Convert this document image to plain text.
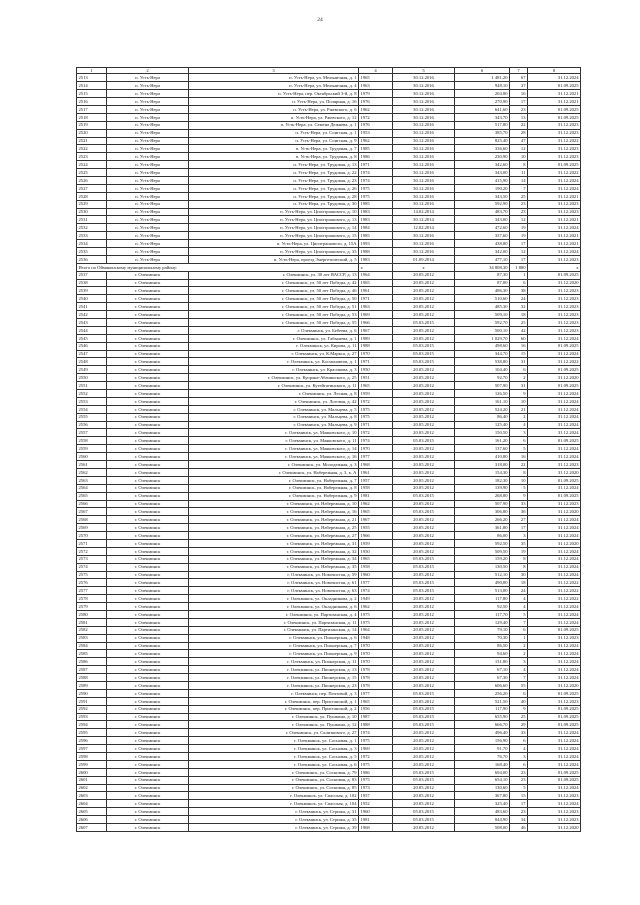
24
1	2	3	4	5	6	7	8
2513	п. Усть-Нера	п. Усть-Нера, ул. Мельничная, д. 1	1965	30.12.2016	1 481,20	67	31.12.2024
2514	п. Усть-Нера	п. Усть-Нера, ул. Мельничная, д. 4	1963	30.12.2016	948,10	37	01.09.2025
2515	п. Усть-Нера	п. Усть-Нера, пер. Октябрьский 3-й, д. 8	1979	30.12.2016	204,80	16	31.12.2021
2516	п. Усть-Нера	п. Усть-Нера, ул. Полярная, д. 16	1976	30.12.2016	270,90	17	31.12.2021
2517	п. Усть-Нера	п. Усть-Нера, ул. Ржевского, д. 6	1962	30.12.2016	641,60	23	01.09.2025
2518	п. Усть-Нера	п. Усть-Нера, ул. Ржевского, д. 12	1972	30.12.2016	343,70	13	01.09.2025
2519	п. Усть-Нера	п. Усть-Нера, ул. Семена Дежнева, д. 1	1976	30.12.2016	517,80	22	31.12.2023
2520	п. Усть-Нера	п. Усть-Нера, ул. Сонгская, д. 1	1953	30.12.2016	385,70	28	31.12.2023
2521	п. Усть-Нера	п. Усть-Нера, ул. Сонгская, д. 9	1962	30.12.2016	825,40	47	31.12.2022
2522	п. Усть-Нера	п. Усть-Нера, ул. Трудовая, д. 7	1985	30.12.2016	336,60	12	31.12.2023
2523	п. Усть-Нера	п. Усть-Нера, ул. Трудовая, д. 8	1986	30.12.2016	230,90	10	31.12.2023
2524	п. Усть-Нера	п. Усть-Нера, ул. Трудовая, д. 13	1971	30.12.2016	342,60	8	01.09.2025
2525	п. Усть-Нера	п. Усть-Нера, ул. Трудовая, д. 22	1974	30.12.2016	343,00	11	31.12.2022
2526	п. Усть-Нера	п. Усть-Нера, ул. Трудовая, д. 23	1974	30.12.2016	415,90	14	31.12.2024
2527	п. Усть-Нера	п. Усть-Нера, ул. Трудовая, д. 26	1975	30.12.2016	190,20	7	31.12.2024
2528	п. Усть-Нера	п. Усть-Нера, ул. Трудовая, д. 28	1975	30.12.2016	343,50	25	31.12.2021
2529	п. Усть-Нера	п. Усть-Нера, ул. Трудовая, д. 30	1985	30.12.2016	592,90	23	31.12.2023
2530	п. Усть-Нера	п. Усть-Нера, ул. Циолтрашового, д. 10	1983	14.02.2014	483,70	23	31.12.2023
2531	п. Усть-Нера	п. Усть-Нера, ул. Циолтрашового, д. 13	1983	30.12.2014	343,00	12	31.12.2021
2532	п. Усть-Нера	п. Усть-Нера, ул. Циолтрашового, д. 14	1984	12.02.2014	472,60	19	31.12.2024
2533	п. Усть-Нера	п. Усть-Нера, ул. Циолтрашового, д. 15	1985	30.12.2016	337,60	19	31.12.2021
2534	п. Усть-Нера	п. Усть-Нера, ул. Циолтрашового, д. 15А	1993	30.12.2016	438,80	17	31.12.2021
2535	п. Усть-Нера	п. Усть-Нера, ул. Циолтрашового, д. 35	1988	30.12.2016	342,00	12	31.12.2024
2536	п. Усть-Нера	п. Усть-Нера, проезд Энергетический, д. 5	1983	01.09.2014	477,10	17	31.12.2023
Итого по Оймяконскому муниципальному району:			х	х	34 808,30	1 880	х
2537	г. Олекминск	г. Олекминск, ул. 30 лет ЯАССР, д. 13	1964	20.05.2012	87,30	1	01.09.2025
2538	г. Олекминск	г. Олекминск, ул. 50 лет Победы, д. 42	1965	20.05.2012	87,00	6	31.12.2020
2539	г. Олекминск	г. Олекминск, ул. 50 лет Победы, д. 46	1961	20.05.2012	486,30	38	31.12.2023
2540	г. Олекминск	г. Олекминск, ул. 50 лет Победы, д. 50	1971	20.05.2012	510,60	24	31.12.2023
2541	г. Олекминск	г. Олекминск, ул. 50 лет Победы, д. 51	1963	20.05.2012	485,30	32	31.12.2023
2542	г. Олекминск	г. Олекминск, ул. 50 лет Победы, д. 53	1969	20.05.2012	509,10	18	31.12.2023
2543	г. Олекминск	г. Олекминск, ул. 50 лет Победы, д. 55	1966	05.03.2015	592,70	25	31.12.2023
2544	г. Олекминск	г. Олекминск, ул. Бебеева, д. 6	1967	20.05.2012	500,10	42	31.12.2023
2545	г. Олекминск	г. Олекминск, ул. Габышева, д. 1	1989	20.05.2012	1 029,70	60	31.12.2024
2546	г. Олекминск	г. Олекминск, ул. Кирова, д. 11	1988	05.03.2015	498,60	16	01.09.2025
2547	г. Олекминск	г. Олекминск, ул. К.Маркса, д. 27	1970	05.03.2015	344,70	15	31.12.2024
2548	г. Олекминск	г. Олекминск, ул. Космонавтов, д. 1	1971	05.03.2015	538,80	31	31.12.2022
2549	г. Олекминск	г. Олекминск, ул. Красикова, д. 3	1950	20.05.2012	104,40	6	01.09.2025
2550	г. Олекминск	г. Олекминск, ул. Куорана-Абачинского, д. 25	1951	20.05.2012	92,70	2	31.12.2020
2551	г. Олекминск	г. Олекминск, ул. Кутейгатинского, д. 11	1965	20.05.2012	507,90	31	01.09.2025
2552	г. Олекминск	г. Олекминск, ул. Лесная, д. 8	1959	20.05.2012	126,50	9	31.12.2024
2553	г. Олекминск	г. Олекминск, ул. Логовая, д. 42	1972	20.05.2012	161,10	10	31.12.2024
2554	г. Олекминск	г. Олекминск, ул. Мальцева, д. 5	1975	20.05.2012	524,20	21	31.12.2024
2555	г. Олекминск	г. Олекминск, ул. Мальцева, д. 8	1975	20.05.2012	86,40	2	31.12.2024
2556	г. Олекминск	г. Олекминск, ул. Мальцева, д. 9	1971	20.05.2012	125,40	4	31.12.2024
2557	г. Олекминск	г. Олекминск, ул. Маяковского, д. 10	1972	20.05.2012	150,50	3	31.12.2024
2558	г. Олекминск	г. Олекминск, ул. Маяковского, д. 11	1974	05.03.2015	161,20	6	01.09.2025
2559	г. Олекминск	г. Олекминск, ул. Маяковского, д. 14	1970	20.05.2012	137,60	5	31.12.2024
2560	г. Олекминск	г. Олекминск, ул. Маяковского, д. 16	1977	20.05.2012	410,80	16	31.12.2024
2561	г. Олекминск	г. Олекминск, ул. Молодежная, д. 3	1968	20.05.2012	318,00	22	31.12.2023
2562	г. Олекминск	г. Олекминск, ул. Набережная, д. 3, к. А	1961	20.05.2012	154,30	8	31.12.2020
2563	г. Олекминск	г. Олекминск, ул. Набережная, д. 7	1957	20.05.2012	182,30	10	01.09.2025
2564	г. Олекминск	г. Олекминск, ул. Набережная, д. 8	1958	20.05.2012	139,90	5	31.12.2024
2565	г. Олекминск	г. Олекминск, ул. Набережная, д. 9	1981	05.03.2015	268,80	9	01.09.2025
2566	г. Олекминск	г. Олекминск, ул. Набережная, д. 10	1962	20.05.2012	507,90	33	31.12.2023
2567	г. Олекминск	г. Олекминск, ул. Набережная, д. 16	1965	05.03.2015	306,80	36	31.12.2020
2568	г. Олекминск	г. Олекминск, ул. Набережная, д. 21	1967	20.05.2012	266,20	27	31.12.2024
2569	г. Олекминск	г. Олекминск, ул. Набережная, д. 25	1955	20.05.2012	361,80	17	31.12.2024
2570	г. Олекминск	г. Олекминск, ул. Набережная, д. 27	1966	20.05.2012	86,00	3	31.12.2024
2571	г. Олекминск	г. Олекминск, ул. Набережная, д. 31	1959	20.05.2012	592,50	35	31.12.2020
2572	г. Олекминск	г. Олекминск, ул. Набережная, д. 32	1950	20.05.2012	509,50	19	31.12.2024
2573	г. Олекминск	г. Олекминск, ул. Набережная, д. 34	1965	05.03.2015	159,20	8	31.12.2024
2574	г. Олекминск	г. Олекминск, ул. Набережная, д. 35	1958	05.03.2015	130,50	8	31.12.2024
2575	г. Олекминск	г. Олекминск, ул. Новочистая, д. 59	1960	20.05.2012	512,10	30	31.12.2024
2576	г. Олекминск	г. Олекминск, ул. Новочистая, д. 61	1977	05.03.2015	490,00	18	31.12.2022
2577	г. Олекминск	г. Олекминск, ул. Новочистая, д. 63	1974	05.03.2015	513,00	24	31.12.2022
2578	г. Олекминск	г. Олекминск, ул. Окладникова, д. 2	1949	20.05.2012	117,80	4	31.12.2022
2579	г. Олекминск	г. Олекминск, ул. Окладникова, д. 6	1962	20.05.2012	92,50	4	31.12.2024
2580	г. Олекминск	г. Олекминск, ул. Партизанская, д. 4	1975	20.05.2012	117,70	5	31.12.2024
2581	г. Олекминск	г. Олекминск, ул. Партизанская, д. 11	1975	20.05.2012	129,40	7	31.12.2024
2582	г. Олекминск	г. Олекминск, ул. Партизанская, д. 14	1964	20.05.2012	79,10	6	01.09.2025
2583	г. Олекминск	г. Олекминск, ул. Пионерская, д. 6	1948	20.05.2012	70,30	1	31.12.2023
2584	г. Олекминск	г. Олекминск, ул. Пионерская, д. 7	1970	20.05.2012	86,50	2	31.12.2024
2585	г. Олекминск	г. Олекминск, ул. Пионерская, д. 9	1970	20.05.2012	94,60	2	31.12.2024
2586	г. Олекминск	г. Олекминск, ул. Пионерская, д. 11	1970	20.05.2012	131,80	3	31.12.2024
2587	г. Олекминск	г. Олекминск, ул. Пионерская, д. 13	1978	20.05.2012	67,10	4	31.12.2024
2588	г. Олекминск	г. Олекминск, ул. Пионерская, д. 15	1978	20.05.2012	67,30	7	31.12.2024
2589	г. Олекминск	г. Олекминск, ул. Пионерская, д. 23	1978	20.05.2012	606,60	55	31.12.2020
2590	г. Олекминск	г. Олекминск, пер. Почтовой, д. 3	1977	05.03.2015	256,20	6	01.09.2025
2591	г. Олекминск	г. Олекминск, пер. Пристанской, д. 1	1965	20.05.2012	521,50	40	31.12.2023
2592	г. Олекминск	г. Олекминск, пер. Пристанской, д. 2	1956	05.03.2015	117,90	9	01.09.2025
2593	г. Олекминск	г. Олекминск, ул. Пушкина, д. 10	1987	05.03.2015	655,90	25	01.09.2025
2594	г. Олекминск	г. Олекминск, ул. Пушкина, д. 12	1988	05.03.2015	666,70	29	01.09.2025
2595	г. Олекминск	г. Олекминск, ул. Склизкового, д. 27	1974	20.05.2012	496,40	33	31.12.2024
2596	г. Олекминск	г. Олекминск, ул. Сосновая, д. 1	1975	20.05.2012	156,90	6	31.12.2024
2597	г. Олекминск	г. Олекминск, ул. Сосновая, д. 3	1969	20.05.2012	91,70	4	31.12.2024
2598	г. Олекминск	г. Олекминск, ул. Сосновая, д. 5	1972	20.05.2012	76,70	3	31.12.2024
2599	г. Олекминск	г. Олекминск, ул. Сосновая, д. 6	1975	20.05.2012	168,40	6	31.12.2024
2600	г. Олекминск	г. Олекминск, ул. Сосновая, д. 79	1986	05.03.2015	694,00	23	01.09.2025
2601	г. Олекминск	г. Олекминск, ул. Сосновая, д. 83	1975	05.03.2015	654,10	23	01.09.2025
2602	г. Олекминск	г. Олекминск, ул. Сосновая, д. 85	1973	20.05.2012	130,60	5	31.12.2024
2603	г. Олекминск	г. Олекминск, ул. Спасская, д. 102	1957	20.05.2012	367,80	15	31.12.2023
2604	г. Олекминск	г. Олекминск, ул. Спасская, д. 104	1952	20.05.2012	325,40	17	31.12.2024
2605	г. Олекминск	г. Олекминск, ул. Стрижа, д. 31	1960	05.03.2015	483,60	23	31.12.2023
2606	г. Олекминск	г. Олекминск, ул. Стрижа, д. 35	1981	05.03.2015	844,90	34	31.12.2023
2607	г. Олекминск	г. Олекминск, ул. Стрижа, д. 39	1968	20.05.2012	508,00	46	31.12.2020
